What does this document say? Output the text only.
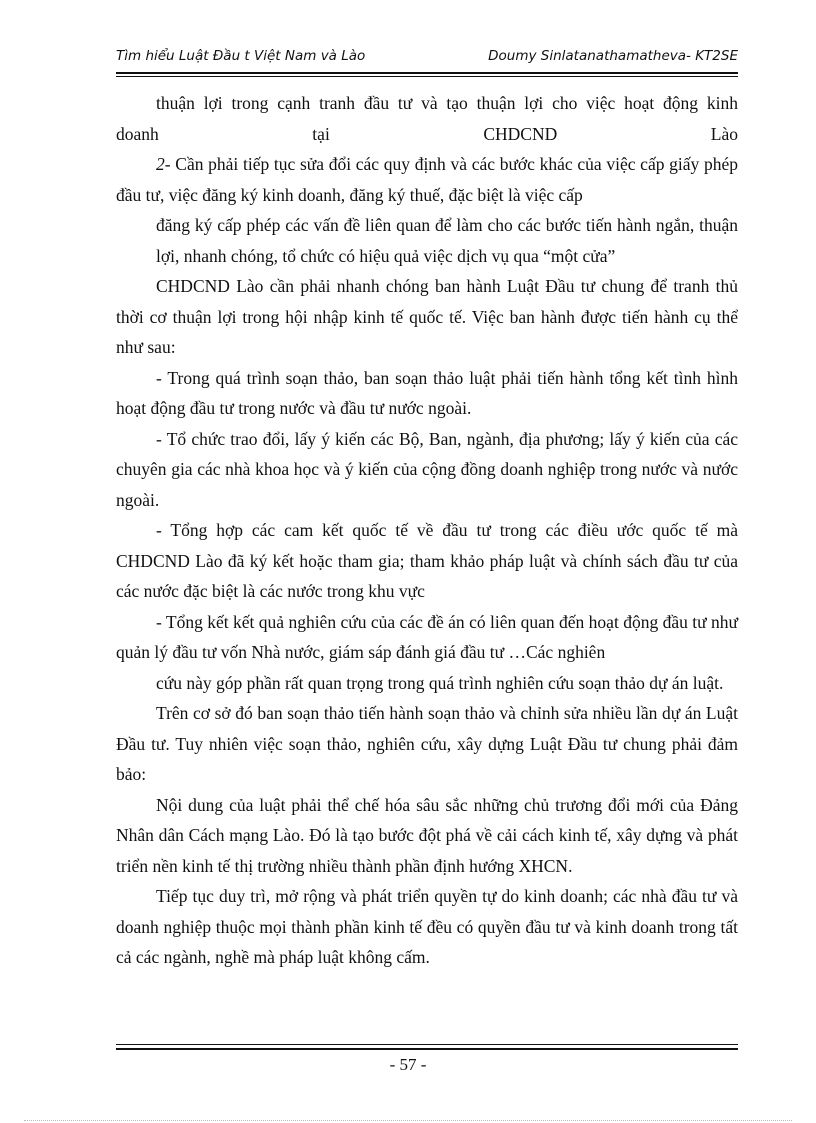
Tìm hiểu Luật Đầu t Việt Nam và Lào	Doumy Sinlatanathamatheva- KT2SE

thuận lợi trong cạnh tranh đầu tư và tạo thuận lợi cho việc hoạt động kinh

doanh tại CHDCND Lào

2- Cần phải tiếp tục sửa đổi các quy định và các bước khác của việc cấp giấy phép đầu tư, việc đăng ký kinh doanh, đăng ký thuế, đặc biệt là việc cấp

đăng ký cấp phép các vấn đề liên quan để làm cho các bước tiến hành ngắn, thuận lợi, nhanh chóng, tổ chức có hiệu quả việc dịch vụ qua “một cửa”

CHDCND Lào cần phải nhanh chóng ban hành Luật Đầu tư chung để tranh thủ thời cơ thuận lợi trong hội nhập kinh tế quốc tế. Việc ban hành được tiến hành cụ thể như sau:

- Trong quá trình soạn thảo, ban soạn thảo luật phải tiến hành tổng kết tình hình hoạt động đầu tư trong nước và đầu tư nước ngoài.

- Tổ chức trao đổi, lấy ý kiến các Bộ, Ban, ngành, địa phương; lấy ý kiến của các chuyên gia các nhà khoa học và ý kiến của cộng đồng doanh nghiệp trong nước và nước ngoài.

- Tổng hợp các cam kết quốc tế về đầu tư trong các điều ước quốc tế mà CHDCND Lào đã ký kết hoặc tham gia; tham khảo pháp luật và chính sách đầu tư của các nước đặc biệt là các nước trong khu vực

- Tổng kết kết quả nghiên cứu của các đề án có liên quan đến hoạt động đầu tư như quản lý đầu tư vốn Nhà nước, giám sáp đánh giá đầu tư …Các nghiên

cứu này góp phần rất quan trọng trong quá trình nghiên cứu soạn thảo dự án luật.

Trên cơ sở đó ban soạn thảo tiến hành soạn thảo và chỉnh sửa nhiều lần dự án Luật Đầu tư. Tuy nhiên việc soạn thảo, nghiên cứu, xây dựng Luật Đầu tư chung phải đảm bảo:

Nội dung của luật phải thể chế hóa sâu sắc những chủ trương đổi mới của Đảng Nhân dân Cách mạng Lào. Đó là tạo bước đột phá về cải cách kinh tế, xây dựng và phát triển nền kinh tế thị trường nhiều thành phần định hướng XHCN.

Tiếp tục duy trì, mở rộng và phát triển quyền tự do kinh doanh; các nhà đầu tư và doanh nghiệp thuộc mọi thành phần kinh tế đều có quyền đầu tư và kinh doanh trong tất cả các ngành, nghề mà pháp luật không cấm.

- 57 -
